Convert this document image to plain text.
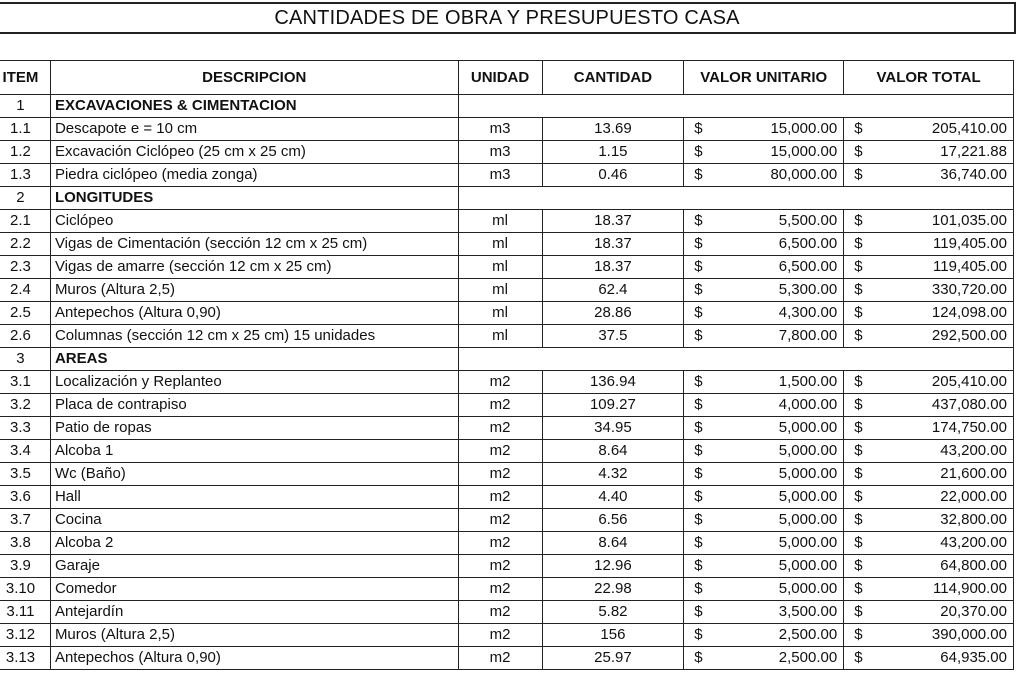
CANTIDADES DE OBRA Y PRESUPUESTO CASA
ITEM	DESCRIPCION	UNIDAD	CANTIDAD	VALOR UNITARIO	VALOR TOTAL
1	EXCAVACIONES & CIMENTACION				
1.1	Descapote e = 10 cm	m3	13.69	$ 15,000.00	$ 205,410.00

1.2	Excavación Ciclópeo (25 cm x 25 cm)	m3	1.15	$ 15,000.00	$ 17,221.88

1.3	Piedra ciclópeo (media zonga)	m3	0.46	$ 80,000.00	$ 36,740.00

2	LONGITUDES				
2.1	Ciclópeo	ml	18.37	$ 5,500.00	$ 101,035.00

2.2	Vigas de Cimentación (sección 12 cm x 25 cm)	ml	18.37	$ 6,500.00	$ 119,405.00

2.3	Vigas de amarre (sección 12 cm x 25 cm)	ml	18.37	$ 6,500.00	$ 119,405.00

2.4	Muros (Altura 2,5)	ml	62.4	$ 5,300.00	$ 330,720.00

2.5	Antepechos (Altura 0,90)	ml	28.86	$ 4,300.00	$ 124,098.00

2.6	Columnas (sección 12 cm x 25 cm) 15 unidades	ml	37.5	$ 7,800.00	$ 292,500.00

3	AREAS				
3.1	Localización y Replanteo	m2	136.94	$ 1,500.00	$ 205,410.00

3.2	Placa de contrapiso	m2	109.27	$ 4,000.00	$ 437,080.00

3.3	Patio de ropas	m2	34.95	$ 5,000.00	$ 174,750.00

3.4	Alcoba 1	m2	8.64	$ 5,000.00	$ 43,200.00

3.5	Wc (Baño)	m2	4.32	$ 5,000.00	$ 21,600.00

3.6	Hall	m2	4.40	$ 5,000.00	$ 22,000.00

3.7	Cocina	m2	6.56	$ 5,000.00	$ 32,800.00

3.8	Alcoba 2	m2	8.64	$ 5,000.00	$ 43,200.00

3.9	Garaje	m2	12.96	$ 5,000.00	$ 64,800.00

3.10	Comedor	m2	22.98	$ 5,000.00	$ 114,900.00

3.11	Antejardín	m2	5.82	$ 3,500.00	$ 20,370.00

3.12	Muros (Altura 2,5)	m2	156	$ 2,500.00	$ 390,000.00

3.13	Antepechos (Altura 0,90)	m2	25.97	$ 2,500.00	$ 64,935.00
